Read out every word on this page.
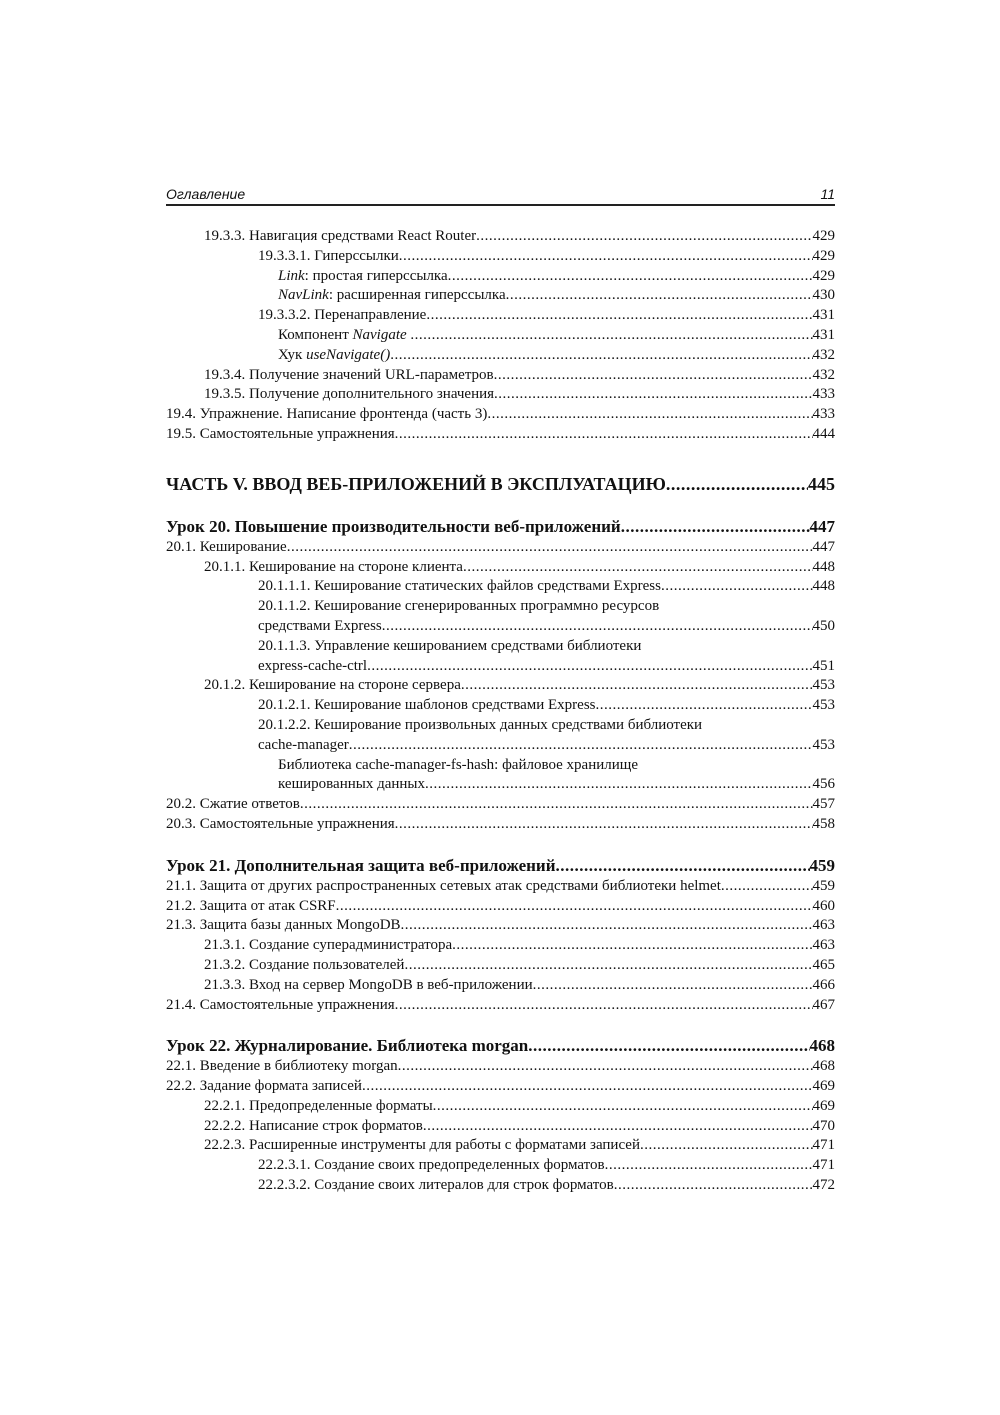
Оглавление	11
19.3.3. Навигация средствами React Router .....	429
19.3.3.1. Гиперссылки .....	429
Link: простая гиперссылка .....	429
NavLink: расширенная гиперссылка .....	430
19.3.3.2. Перенаправление .....	431
Компонент Navigate .....	431
Хук useNavigate() .....	432
19.3.4. Получение значений URL-параметров .....	432
19.3.5. Получение дополнительного значения .....	433
19.4. Упражнение. Написание фронтенда (часть 3) .....	433
19.5. Самостоятельные упражнения .....	444
ЧАСТЬ V. ВВОД ВЕБ-ПРИЛОЖЕНИЙ В ЭКСПЛУАТАЦИЮ .....	445
Урок 20. Повышение производительности веб-приложений .....	447
20.1. Кеширование .....	447
20.1.1. Кеширование на стороне клиента .....	448
20.1.1.1. Кеширование статических файлов средствами Express .....	448
20.1.1.2. Кеширование сгенерированных программно ресурсов
средствами Express .....	450
20.1.1.3. Управление кешированием средствами библиотеки
express-cache-ctrl .....	451
20.1.2. Кеширование на стороне сервера .....	453
20.1.2.1. Кеширование шаблонов средствами Express .....	453
20.1.2.2. Кеширование произвольных данных средствами библиотеки
cache-manager .....	453
Библиотека cache-manager-fs-hash: файловое хранилище
кешированных данных .....	456
20.2. Сжатие ответов .....	457
20.3. Самостоятельные упражнения .....	458
Урок 21. Дополнительная защита веб-приложений .....	459
21.1. Защита от других распространенных сетевых атак средствами библиотеки helmet .....	459
21.2. Защита от атак CSRF .....	460
21.3. Защита базы данных MongoDB .....	463
21.3.1. Создание суперадминистратора .....	463
21.3.2. Создание пользователей .....	465
21.3.3. Вход на сервер MongoDB в веб-приложении .....	466
21.4. Самостоятельные упражнения .....	467
Урок 22. Журналирование. Библиотека morgan .....	468
22.1. Введение в библиотеку morgan .....	468
22.2. Задание формата записей .....	469
22.2.1. Предопределенные форматы .....	469
22.2.2. Написание строк форматов .....	470
22.2.3. Расширенные инструменты для работы с форматами записей .....	471
22.2.3.1. Создание своих предопределенных форматов .....	471
22.2.3.2. Создание своих литералов для строк форматов .....	472
